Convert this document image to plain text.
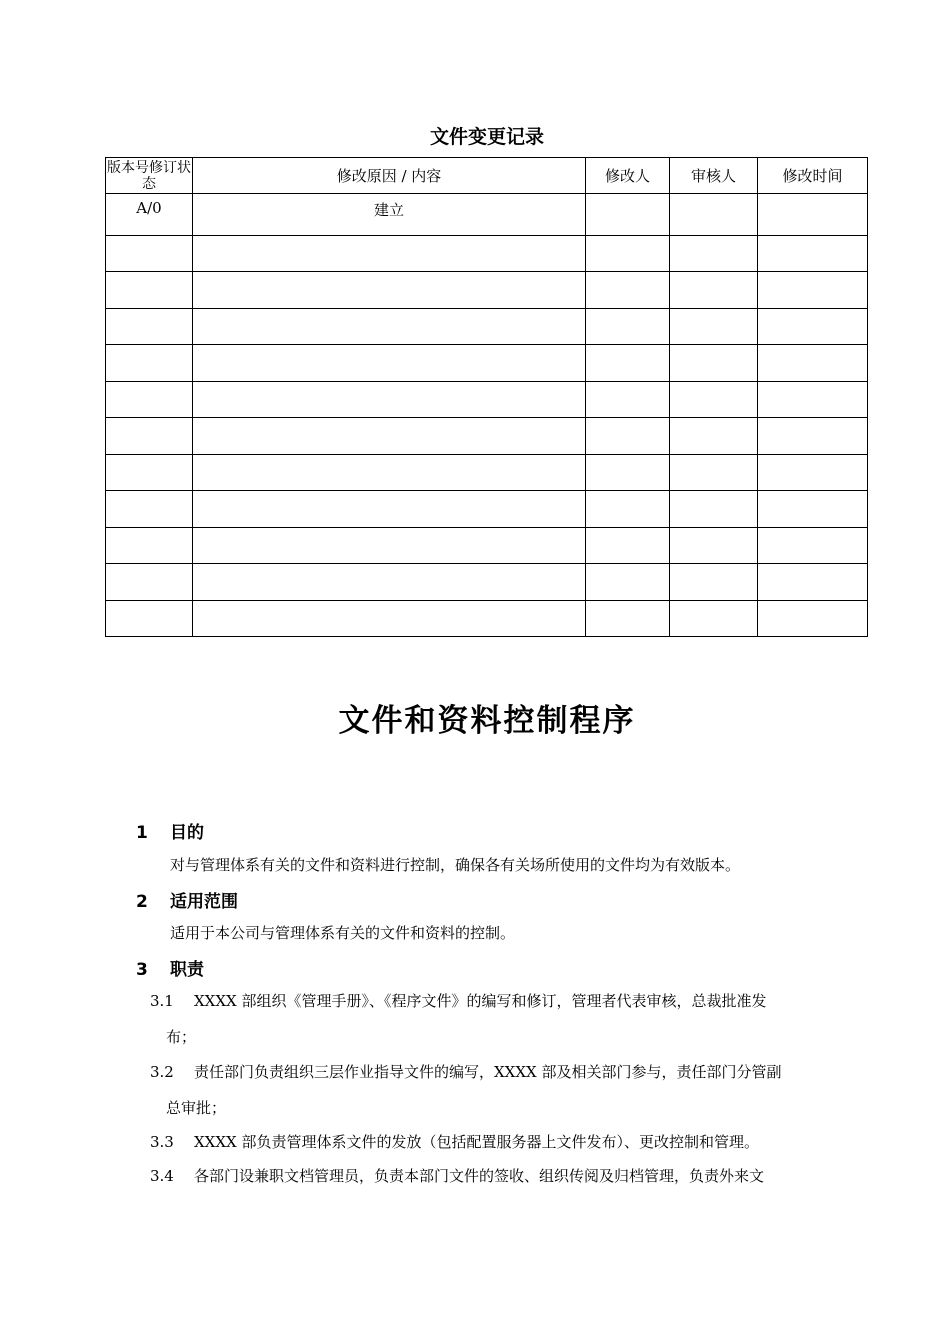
文件变更记录
版本号修订状态	修改原因 / 内容	修改人	审核人	修改时间
A/0	建立			

文件和资料控制程序
1 目的
对与管理体系有关的文件和资料进行控制，确保各有关场所使用的文件均为有效版本。
2 适用范围
适用于本公司与管理体系有关的文件和资料的控制。
3 职责
3.1 XXXX 部组织《管理手册》、《程序文件》的编写和修订，管理者代表审核，总裁批准发
布；
3.2 责任部门负责组织三层作业指导文件的编写，XXXX 部及相关部门参与，责任部门分管副
总审批；
3.3 XXXX 部负责管理体系文件的发放（包括配置服务器上文件发布）、更改控制和管理。
3.4 各部门设兼职文档管理员，负责本部门文件的签收、组织传阅及归档管理，负责外来文
